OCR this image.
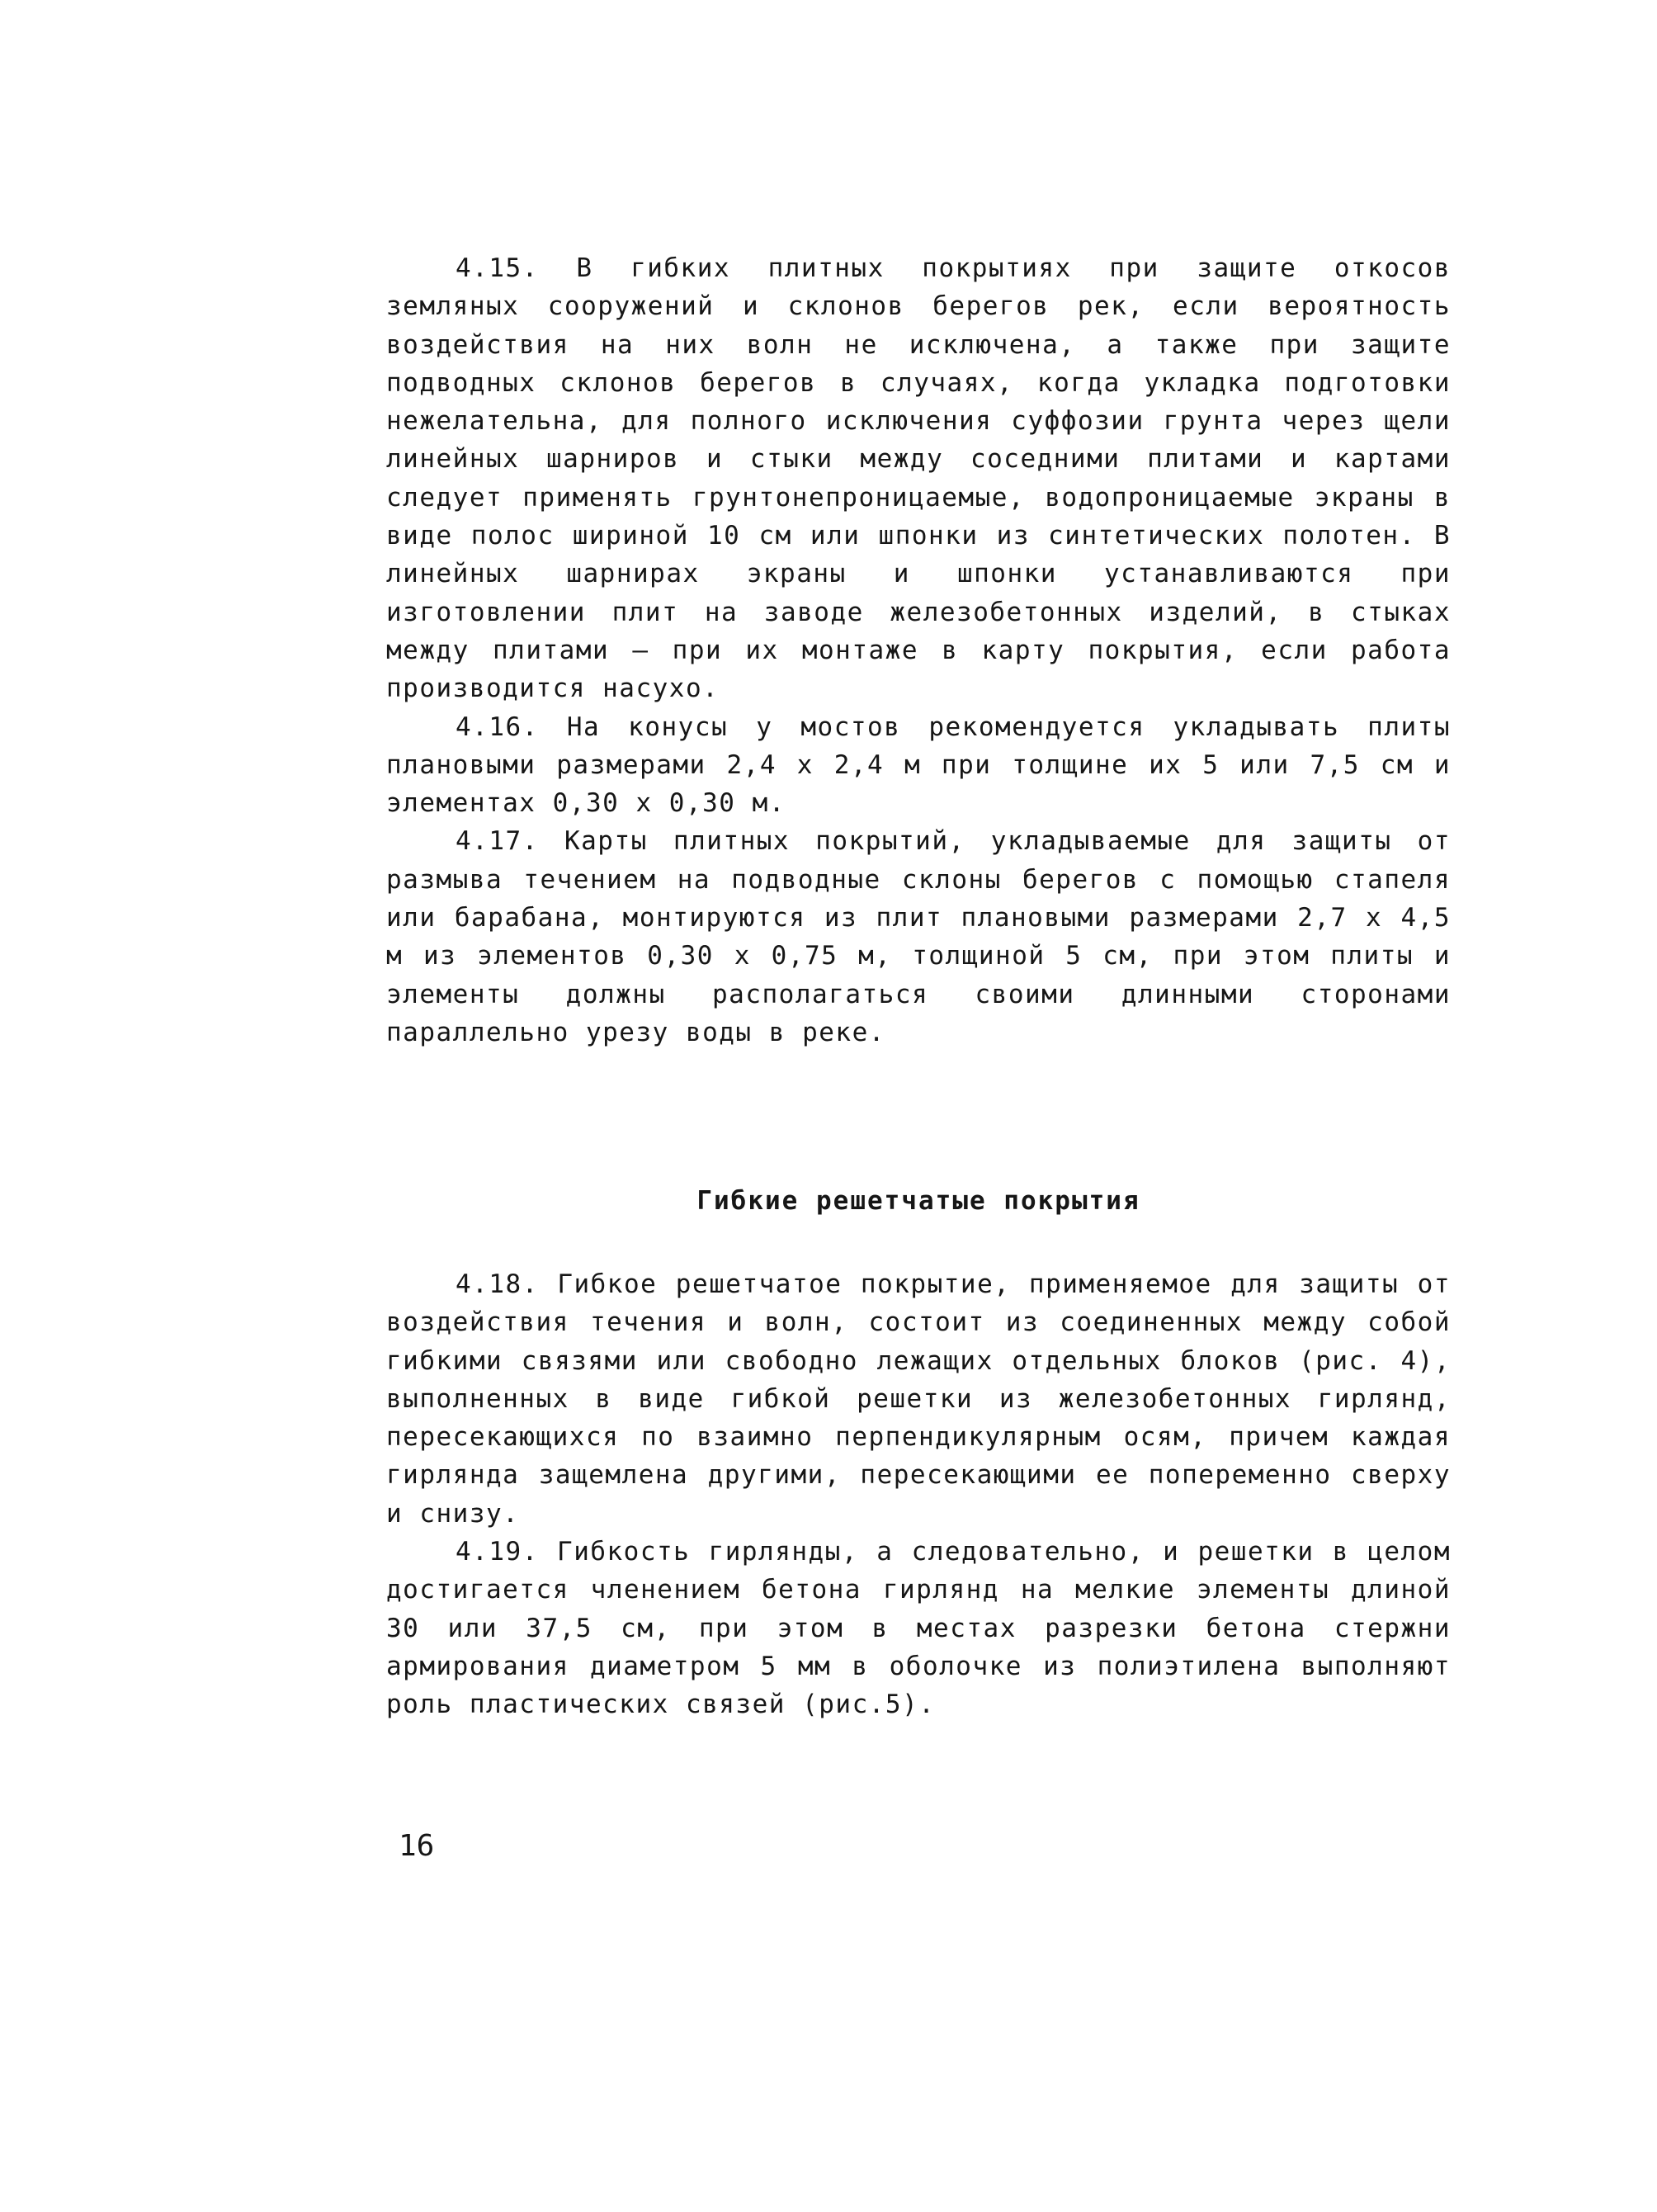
4.15. В гибких плитных покрытиях при защите откосов земляных сооружений и склонов берегов рек, если вероятность воздействия на них волн не исключена, а также при защите подводных склонов берегов в случаях, когда укладка подготовки нежелательна, для полного исключения суффозии грунта через щели линейных шарниров и стыки между соседними плитами и картами следует применять грунтонепроницаемые, водопроницаемые экраны в виде полос шириной 10 см или шпонки из синтетических полотен. В линейных шарнирах экраны и шпонки устанавливаются при изготовлении плит на заводе железобетонных изделий, в стыках между плитами – при их монтаже в карту покрытия, если работа производится насухо.

4.16. На конусы у мостов рекомендуется укладывать плиты плановыми размерами 2,4 х 2,4 м при толщине их 5 или 7,5 см и элементах 0,30 х 0,30 м.

4.17. Карты плитных покрытий, укладываемые для защиты от размыва течением на подводные склоны берегов с помощью стапеля или барабана, монтируются из плит плановыми размерами 2,7 х 4,5 м из элементов 0,30 х 0,75 м, толщиной 5 см, при этом плиты и элементы должны располагаться своими длинными сторонами параллельно урезу воды в реке.

Гибкие решетчатые покрытия

4.18. Гибкое решетчатое покрытие, применяемое для защиты от воздействия течения и волн, состоит из соединенных между собой гибкими связями или свободно лежащих отдельных блоков (рис. 4), выполненных в виде гибкой решетки из железобетонных гирлянд, пересекающихся по взаимно перпендикулярным осям, причем каждая гирлянда защемлена другими, пересекающими ее попеременно сверху и снизу.

4.19. Гибкость гирлянды, а следовательно, и решетки в целом достигается членением бетона гирлянд на мелкие элементы длиной 30 или 37,5 см, при этом в местах разрезки бетона стержни армирования диаметром 5 мм в оболочке из полиэтилена выполняют роль пластических связей (рис.5).

16
